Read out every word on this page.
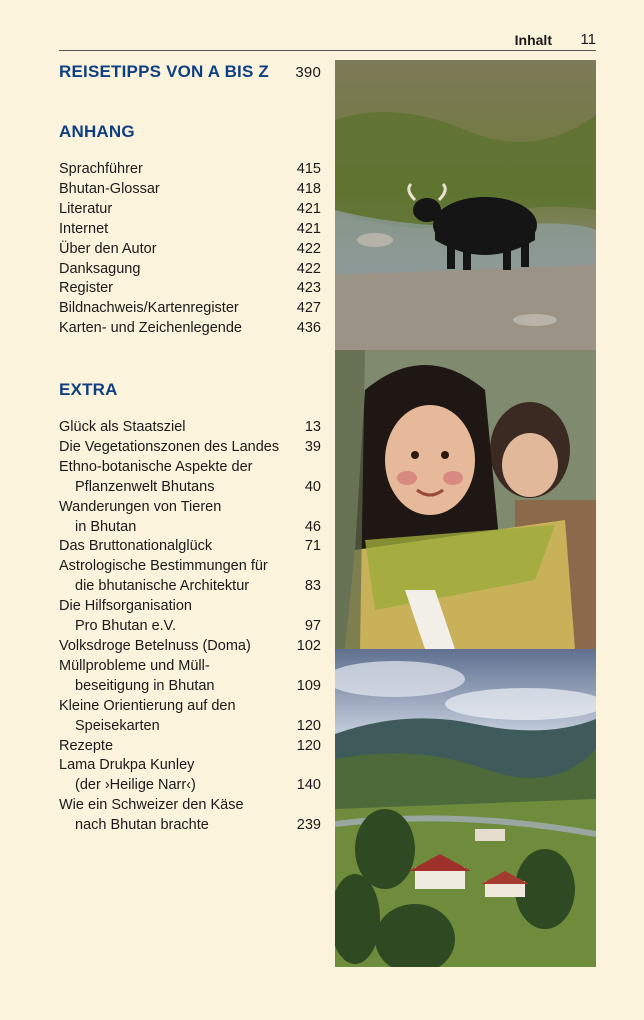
Inhalt 11
REISETIPPS VON A BIS Z 390
ANHANG
Sprachführer	415
Bhutan-Glossar	418
Literatur	421
Internet	421
Über den Autor	422
Danksagung	422
Register	423
Bildnachweis/Kartenregister	427
Karten- und Zeichenlegende	436
EXTRA
Glück als Staatsziel	13
Die Vegetationszonen des Landes 39
Ethno-botanische Aspekte der
Pflanzenwelt Bhutans	40
Wanderungen von Tieren
in Bhutan	46
Das Bruttonationalglück	71
Astrologische Bestimmungen für
die bhutanische Architektur	83
Die Hilfsorganisation
Pro Bhutan e.V.	97
Volksdroge Betelnuss (Doma)	102
Müllprobleme und Müll-
beseitigung in Bhutan	109
Kleine Orientierung auf den
Speisekarten	120
Rezepte	120
Lama Drukpa Kunley
(der ›Heilige Narr‹)	140
Wie ein Schweizer den Käse
nach Bhutan brachte	239
